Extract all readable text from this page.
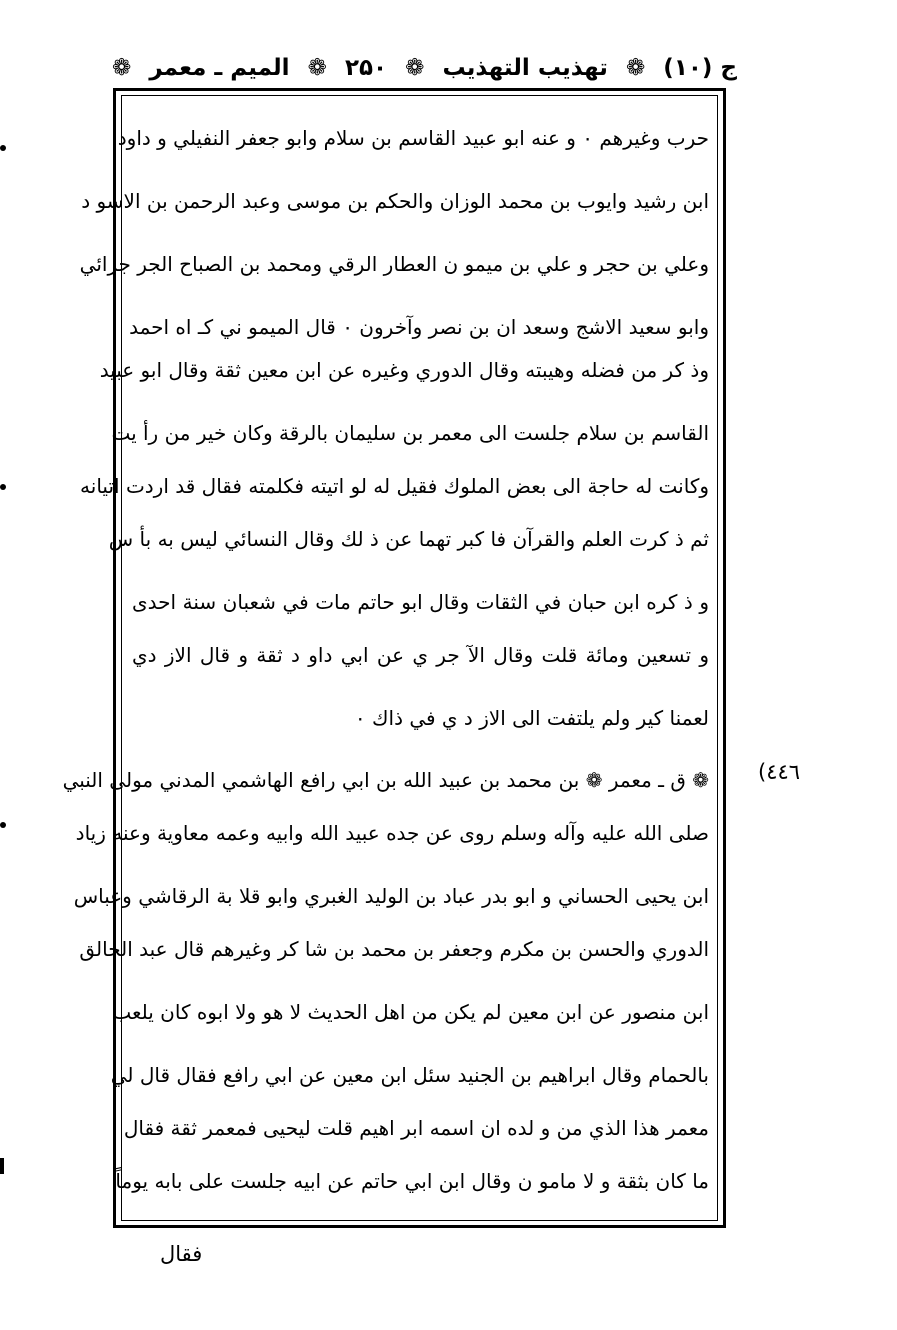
ج (۱۰)
❁
تهذيب التهذيب
❁
۲۵۰
❁
الميم ـ معمر
❁
حرب وغيرهم ٠ و عنه ابو عبيد القاسم بن سلام وابو جعفر النفيلي و داود
ابن رشيد وايوب بن محمد الوزان والحكم بن موسى وعبد الرحمن بن الاسو د
وعلي بن حجر و علي بن ميمو ن العطار الرقي ومحمد بن الصباح الجر جرائي
وابو سعيد الاشج وسعد ان بن نصر وآخرون ٠ قال الميمو ني كـ اه احمد
وذ كر من فضله وهيبته وقال الدوري وغيره عن ابن معين ثقة وقال ابو عبيد
القاسم بن سلام جلست الى معمر بن سليمان بالرقة وكان خير من رأ يت
وكانت له حاجة الى بعض الملوك فقيل له لو اتيته فكلمته فقال قد اردت اتيانه
ثم ذ كرت العلم والقرآن فا كبر تهما عن ذ لك وقال النسائي ليس به بأ س
و ذ كره ابن حبان في الثقات وقال ابو حاتم مات في شعبان سنة احدى
و تسعين ومائة قلت وقال الآ جر ي عن ابي داو د ثقة و قال الاز دي
لعمنا كير ولم يلتفت الى الاز د ي في ذاك ٠
❁ ق ـ معمر ❁ بن محمد بن عبيد الله بن ابي رافع الهاشمي المدني مولى النبي
صلى الله عليه وآله وسلم روى عن جده عبيد الله وابيه وعمه معاوية وعنه زياد
ابن يحيى الحساني و ابو بدر عباد بن الوليد الغبري وابو قلا بة الرقاشي وعباس
الدوري والحسن بن مكرم وجعفر بن محمد بن شا كر وغيرهم قال عبد الخالق
ابن منصور عن ابن معين لم يكن من اهل الحديث لا هو ولا ابوه كان يلعب
بالحمام وقال ابراهيم بن الجنيد سئل ابن معين عن ابي رافع فقال قال لي
معمر هذا الذي من و لده ان اسمه ابر اهيم قلت ليحيى فمعمر ثقة فقال
ما كان بثقة و لا مامو ن وقال ابن ابي حاتم عن ابيه جلست على بابه يوماً
٤٤٦)
فقال
